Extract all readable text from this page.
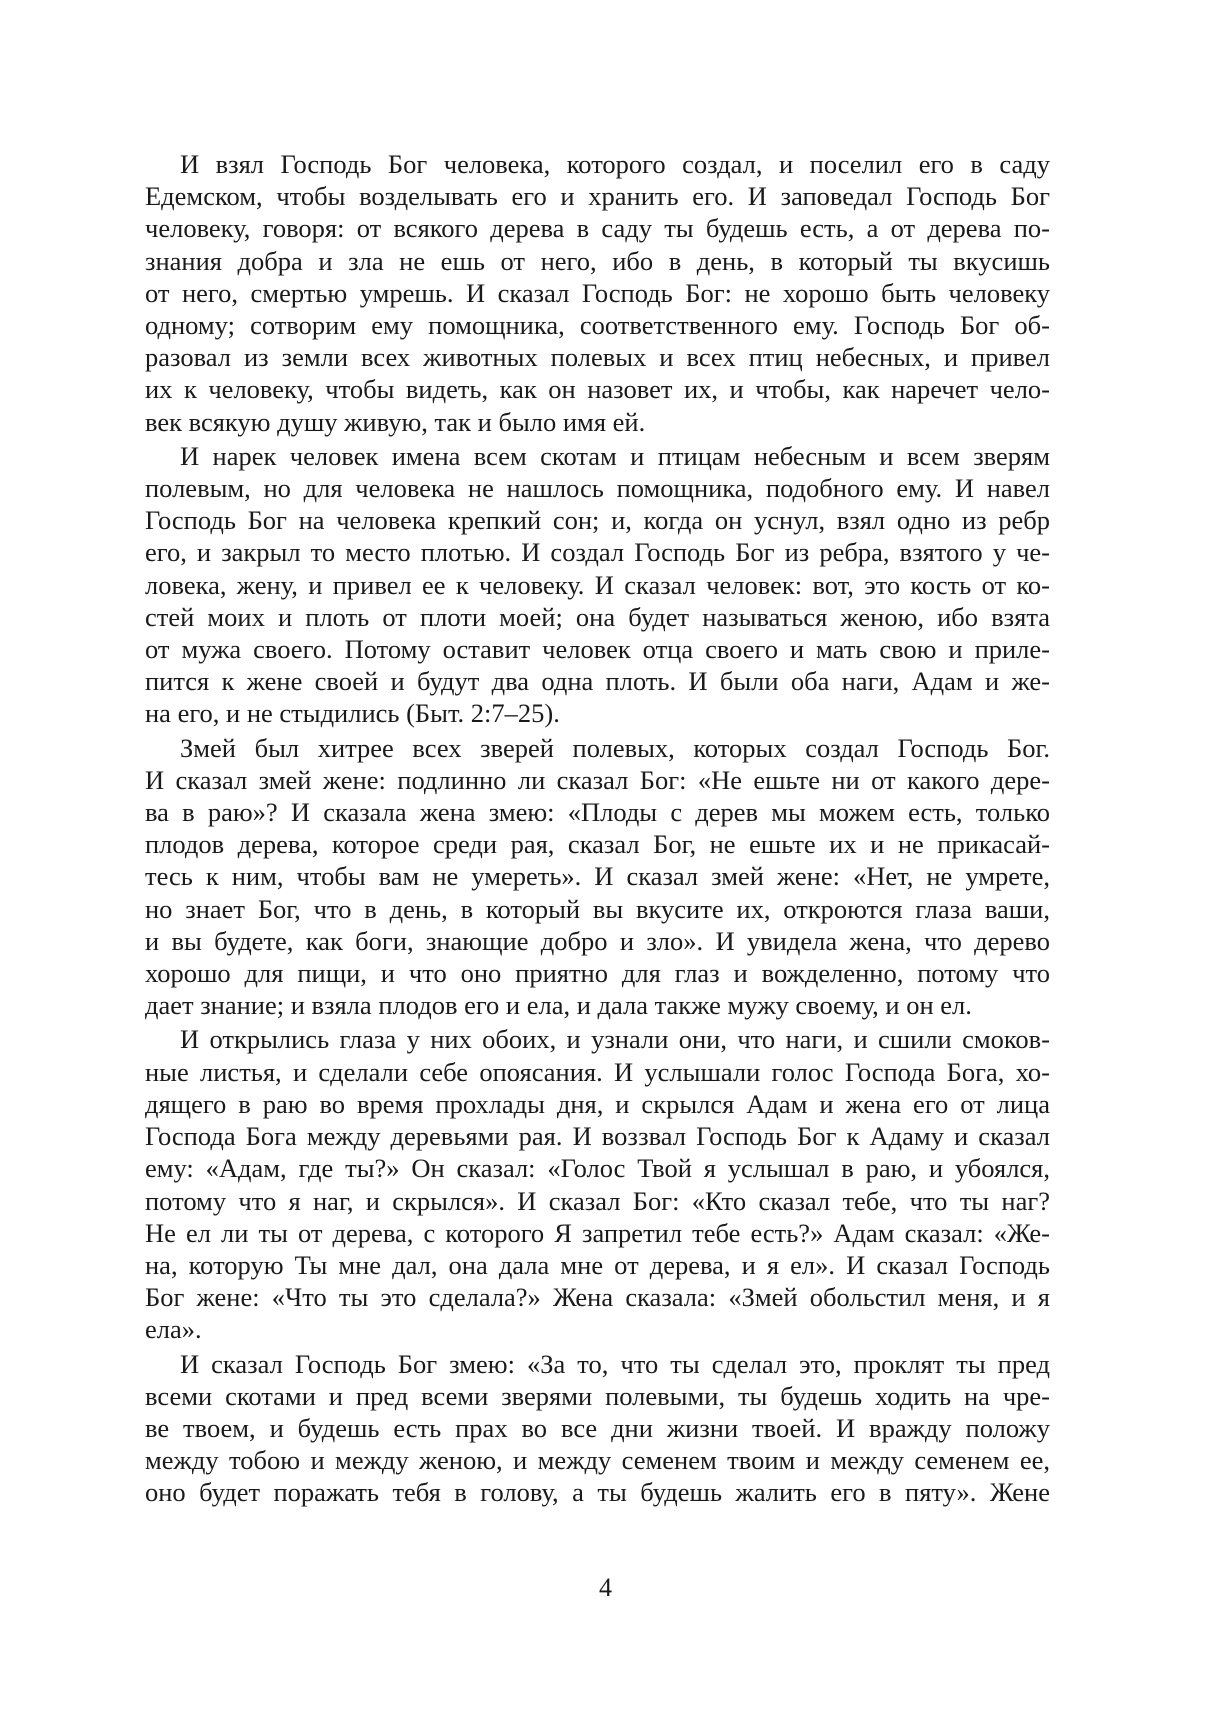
И взял Господь Бог человека, которого создал, и поселил его в саду
Едемском, чтобы возделывать его и хранить его. И заповедал Господь Бог
человеку, говоря: от всякого дерева в саду ты будешь есть, а от дерева по-
знания добра и зла не ешь от него, ибо в день, в который ты вкусишь
от него, смертью умрешь. И сказал Господь Бог: не хорошо быть человеку
одному; сотворим ему помощника, соответственного ему. Господь Бог об-
разовал из земли всех животных полевых и всех птиц небесных, и привел
их к человеку, чтобы видеть, как он назовет их, и чтобы, как наречет чело-
век всякую душу живую, так и было имя ей.
И нарек человек имена всем скотам и птицам небесным и всем зверям
полевым, но для человека не нашлось помощника, подобного ему. И навел
Господь Бог на человека крепкий сон; и, когда он уснул, взял одно из ребр
его, и закрыл то место плотью. И создал Господь Бог из ребра, взятого у че-
ловека, жену, и привел ее к человеку. И сказал человек: вот, это кость от ко-
стей моих и плоть от плоти моей; она будет называться женою, ибо взята
от мужа своего. Потому оставит человек отца своего и мать свою и приле-
пится к жене своей и будут два одна плоть. И были оба наги, Адам и же-
на его, и не стыдились (Быт. 2:7–25).
Змей был хитрее всех зверей полевых, которых создал Господь Бог.
И сказал змей жене: подлинно ли сказал Бог: «Не ешьте ни от какого дере-
ва в раю»? И сказала жена змею: «Плоды с дерев мы можем есть, только
плодов дерева, которое среди рая, сказал Бог, не ешьте их и не прикасай-
тесь к ним, чтобы вам не умереть». И сказал змей жене: «Нет, не умрете,
но знает Бог, что в день, в который вы вкусите их, откроются глаза ваши,
и вы будете, как боги, знающие добро и зло». И увидела жена, что дерево
хорошо для пищи, и что оно приятно для глаз и вожделенно, потому что
дает знание; и взяла плодов его и ела, и дала также мужу своему, и он ел.
И открылись глаза у них обоих, и узнали они, что наги, и сшили смоков-
ные листья, и сделали себе опоясания. И услышали голос Господа Бога, хо-
дящего в раю во время прохлады дня, и скрылся Адам и жена его от лица
Господа Бога между деревьями рая. И воззвал Господь Бог к Адаму и сказал
ему: «Адам, где ты?» Он сказал: «Голос Твой я услышал в раю, и убоялся,
потому что я наг, и скрылся». И сказал Бог: «Кто сказал тебе, что ты наг?
Не ел ли ты от дерева, с которого Я запретил тебе есть?» Адам сказал: «Же-
на, которую Ты мне дал, она дала мне от дерева, и я ел». И сказал Господь
Бог жене: «Что ты это сделала?» Жена сказала: «Змей обольстил меня, и я
ела».
И сказал Господь Бог змею: «За то, что ты сделал это, проклят ты пред
всеми скотами и пред всеми зверями полевыми, ты будешь ходить на чре-
ве твоем, и будешь есть прах во все дни жизни твоей. И вражду положу
между тобою и между женою, и между семенем твоим и между семенем ее,
оно будет поражать тебя в голову, а ты будешь жалить его в пяту». Жене
4
